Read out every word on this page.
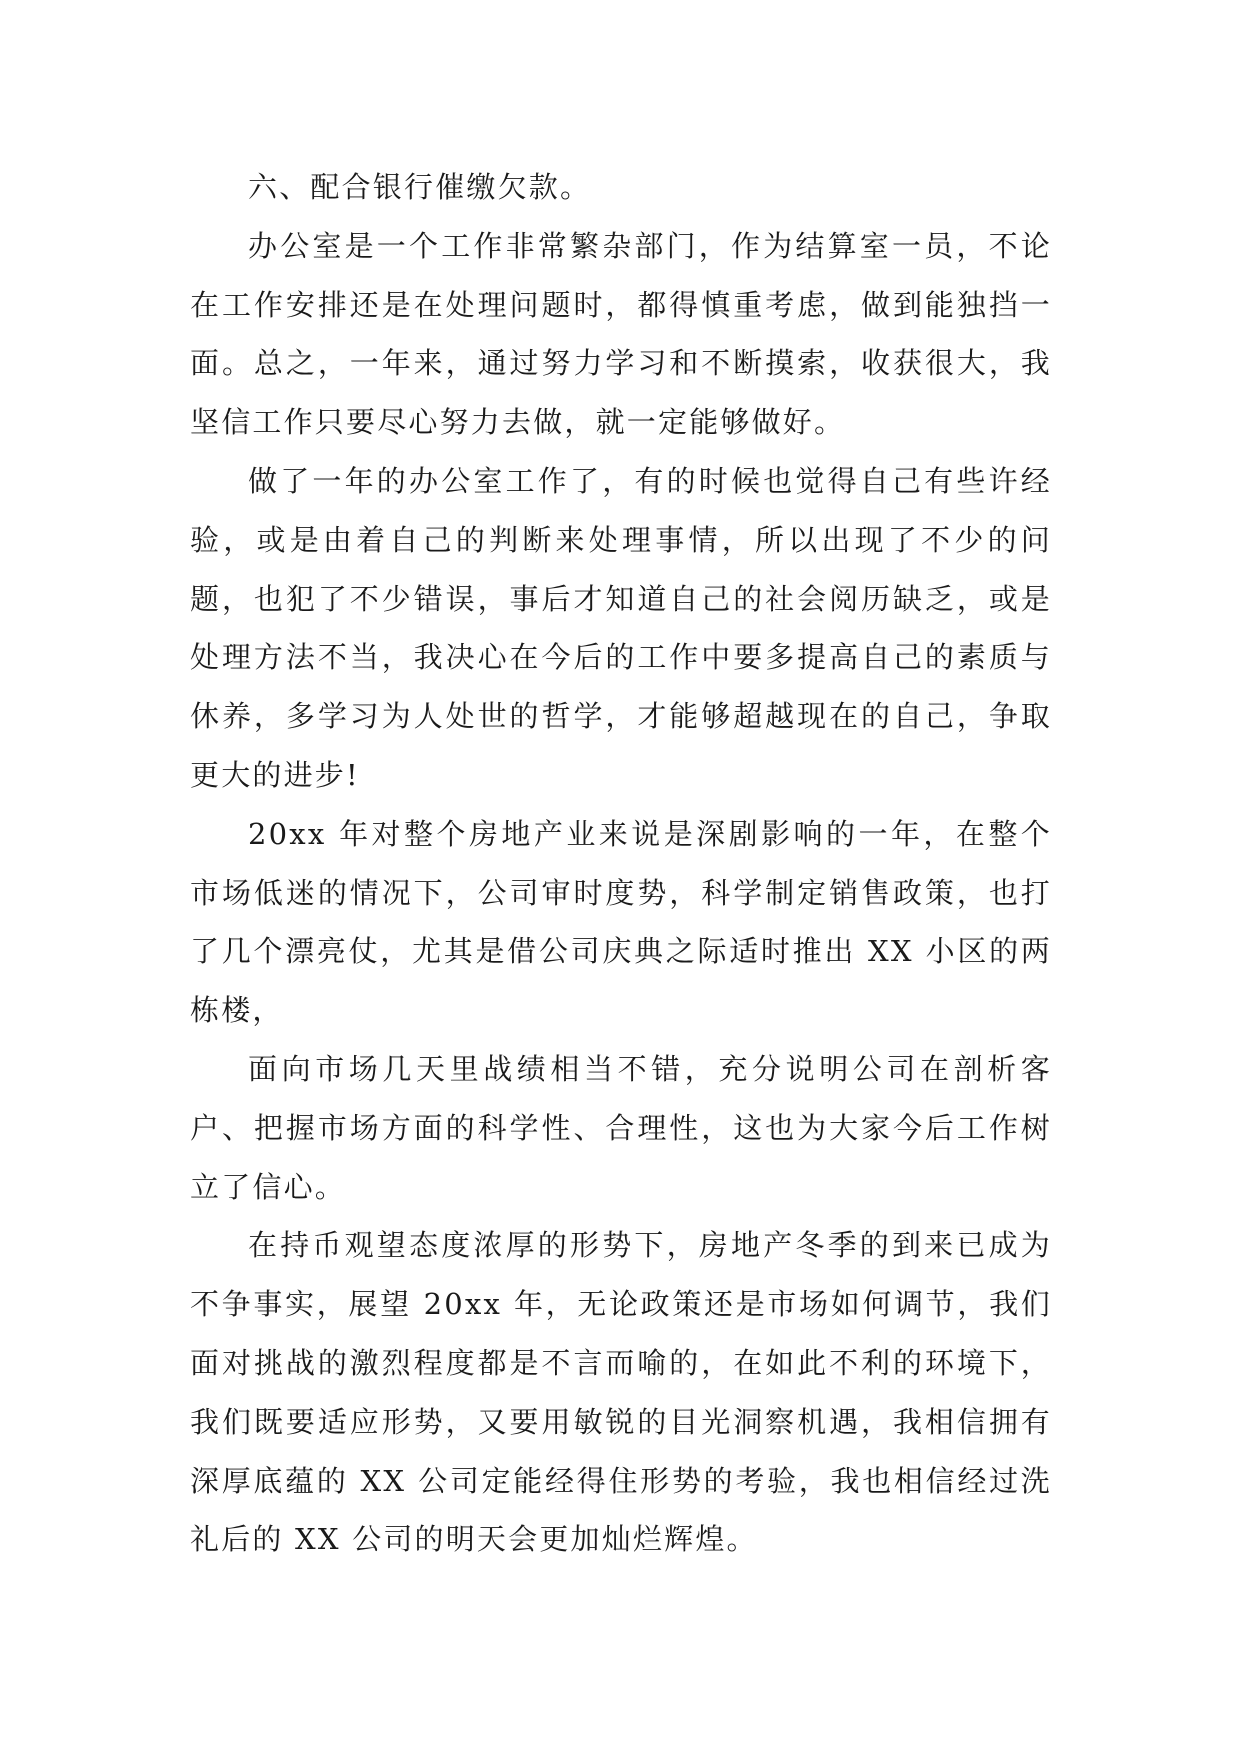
六、配合银行催缴欠款。

办公室是一个工作非常繁杂部门，作为结算室一员，不论在工作安排还是在处理问题时，都得慎重考虑，做到能独挡一面。总之，一年来，通过努力学习和不断摸索，收获很大，我坚信工作只要尽心努力去做，就一定能够做好。

做了一年的办公室工作了，有的时候也觉得自己有些许经验，或是由着自己的判断来处理事情，所以出现了不少的问题，也犯了不少错误，事后才知道自己的社会阅历缺乏，或是处理方法不当，我决心在今后的工作中要多提高自己的素质与休养，多学习为人处世的哲学，才能够超越现在的自己，争取更大的进步!

20xx 年对整个房地产业来说是深剧影响的一年，在整个市场低迷的情况下，公司审时度势，科学制定销售政策，也打了几个漂亮仗，尤其是借公司庆典之际适时推出 XX 小区的两栋楼，

面向市场几天里战绩相当不错，充分说明公司在剖析客户、把握市场方面的科学性、合理性，这也为大家今后工作树立了信心。

在持币观望态度浓厚的形势下，房地产冬季的到来已成为不争事实，展望 20xx 年，无论政策还是市场如何调节，我们面对挑战的激烈程度都是不言而喻的，在如此不利的环境下，我们既要适应形势，又要用敏锐的目光洞察机遇，我相信拥有深厚底蕴的 XX 公司定能经得住形势的考验，我也相信经过洗礼后的 XX 公司的明天会更加灿烂辉煌。
